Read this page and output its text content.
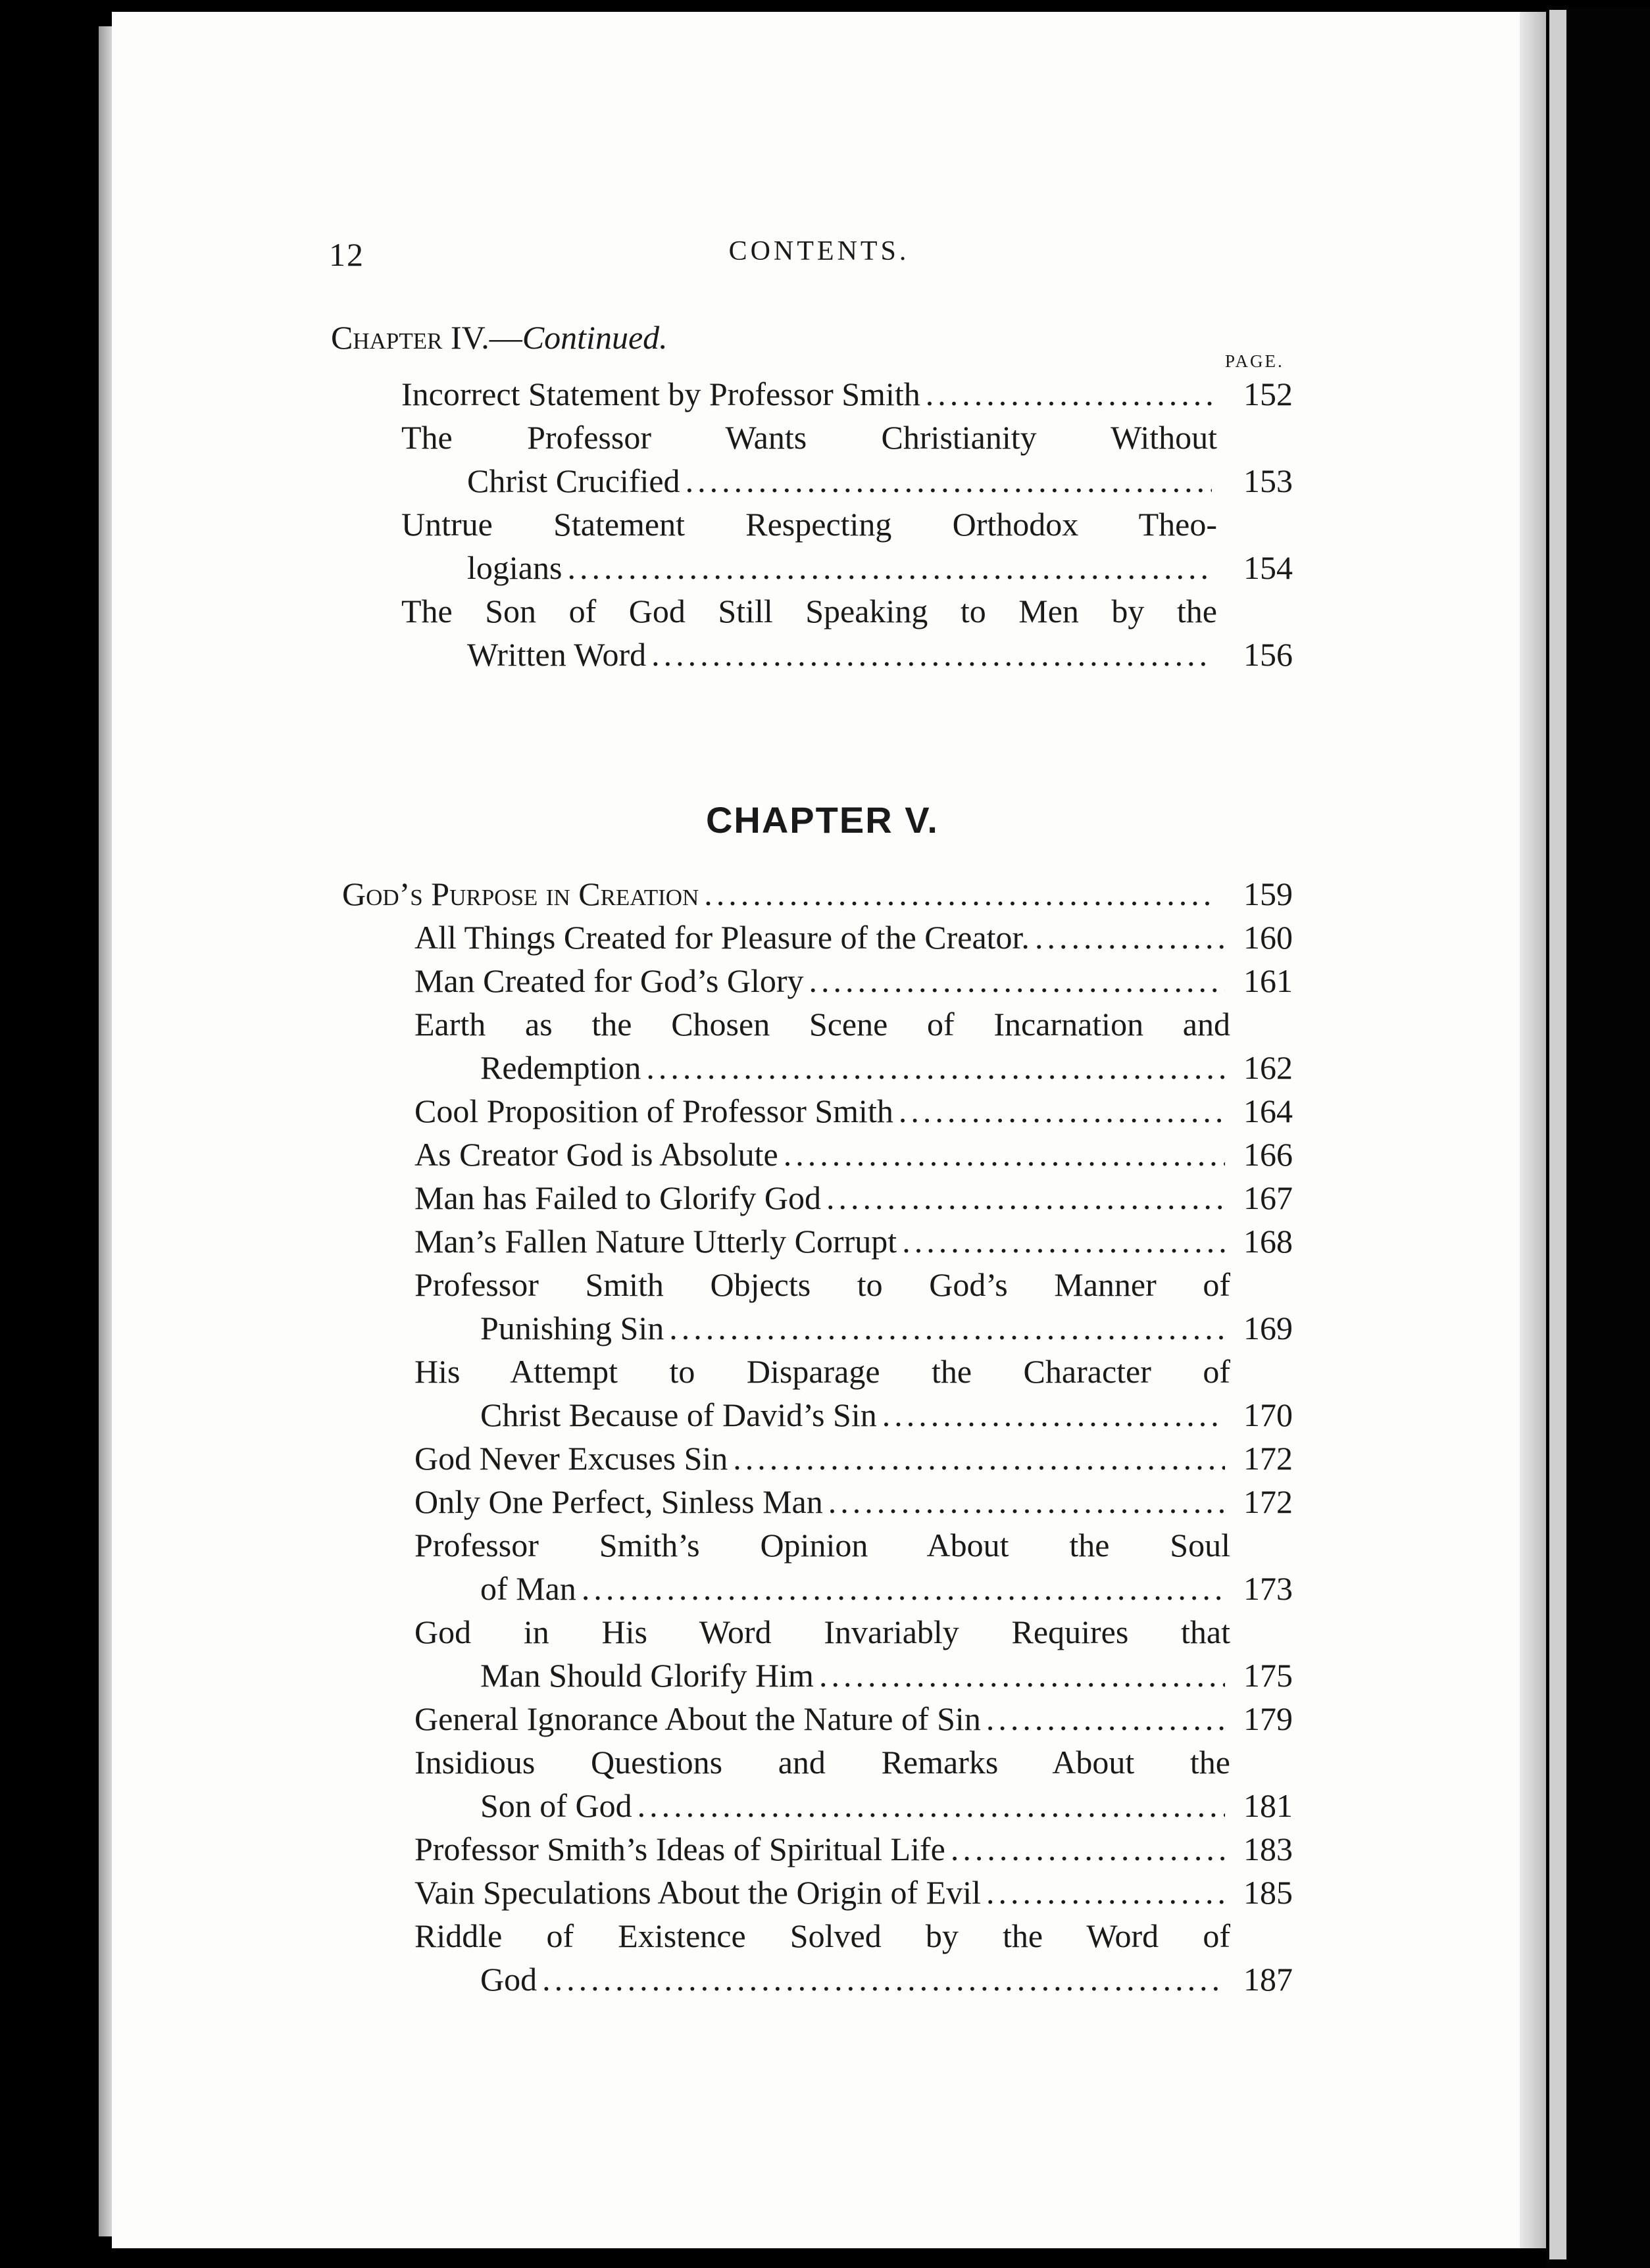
12	CONTENTS.
Chapter IV.—Continued.
PAGE.
CHAPTER V.
Incorrect Statement by Professor Smith .....	152
The Professor Wants Christianity Without
Christ Crucified .....	153
Untrue Statement Respecting Orthodox Theo-
logians .....	154
The Son of God Still Speaking to Men by the
Written Word .....	156
God’s Purpose in Creation .....	159
All Things Created for Pleasure of the Creator. .....	160
Man Created for God’s Glory .....	161
Earth as the Chosen Scene of Incarnation and
Redemption .....	162
Cool Proposition of Professor Smith .....	164
As Creator God is Absolute .....	166
Man has Failed to Glorify God .....	167
Man’s Fallen Nature Utterly Corrupt .....	168
Professor Smith Objects to God’s Manner of
Punishing Sin .....	169
His Attempt to Disparage the Character of
Christ Because of David’s Sin .....	170
God Never Excuses Sin .....	172
Only One Perfect, Sinless Man .....	172
Professor Smith’s Opinion About the Soul
of Man .....	173
God in His Word Invariably Requires that
Man Should Glorify Him .....	175
General Ignorance About the Nature of Sin .....	179
Insidious Questions and Remarks About the
Son of God .....	181
Professor Smith’s Ideas of Spiritual Life .....	183
Vain Speculations About the Origin of Evil .....	185
Riddle of Existence Solved by the Word of
God .....	187
